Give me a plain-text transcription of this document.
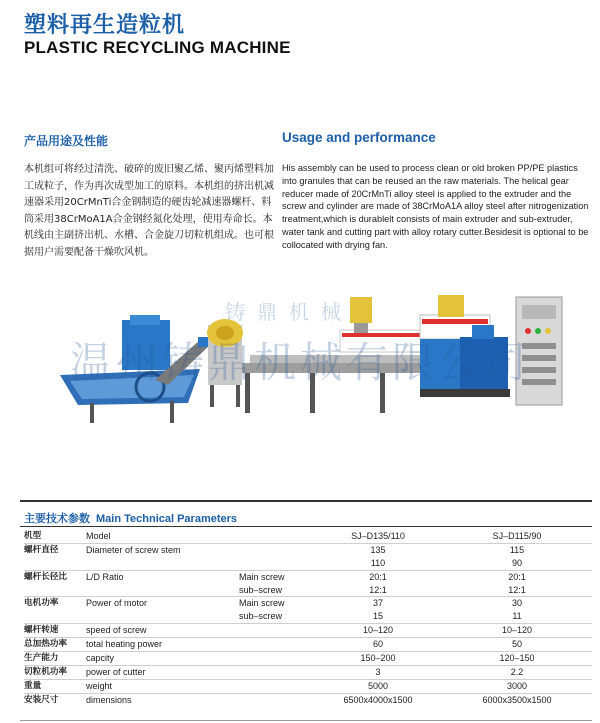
塑料再生造粒机
PLASTIC RECYCLING MACHINE
产品用途及性能	Usage and performance
本机组可将经过清洗、破碎的废旧聚乙烯、聚丙烯塑料加工成粒子，作为再次成型加工的原料。本机组的挤出机减速器采用20CrMnTi合金钢制造的硬齿轮减速器螺杆、料筒采用38CrMoA1A合金钢经氮化处理，使用寿命长。本机线由主副挤出机、水槽、合金旋刀切粒机组成。也可根据用户需要配备干燥吹风机。
His assembly can be used to process clean or old broken PP/PE plastics into granules that can be reused an the raw materials. The helical gear reducer made of 20CrMnTi alloy steel is applied to the extruder and the screw and cylinder are made of 38CrMoA1A alloy steel after nitrogenization treatment,which is durablelt consists of main extruder and sub-extruder, water tank and cutting part with alloy rotary cutter.Besidesit is optional to be collocated with drying fan.
铸鼎机械
温州铸鼎机械有限公司
主要技术参数 Main Technical Parameters
机型	Model	SJ–D135/110	SJ–D115/90
螺杆直径	Diameter of screw stem	135	115
110	90
螺杆长径比 L/D Ratio	Main screw	20:1	20:1
sub–screw	12:1	12:1
电机功率	Power of motor	Main screw	37	30
sub–screw	15	11
螺杆转速	speed of screw	10–120	10–120
总加热功率 total heating power	60	50
生产能力	capcity	150–200	120–150
切粒机功率 power of cutter	3	2.2
重量	weight	5000	3000
安装尺寸	dimensions	6500x4000x1500	6000x3500x1500
